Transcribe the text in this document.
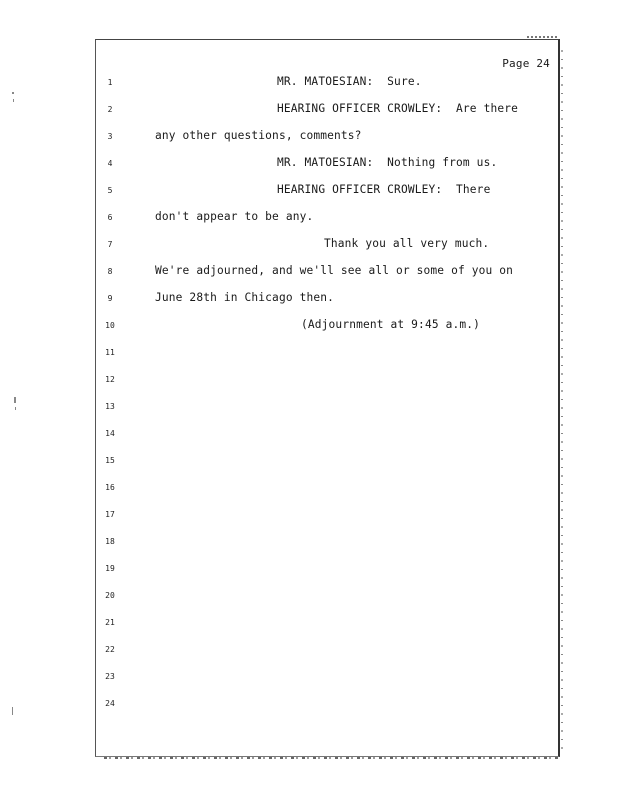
Page 24
1	MR. MATOESIAN:  Sure.
2	HEARING OFFICER CROWLEY:  Are there
3	any other questions, comments?
4	MR. MATOESIAN:  Nothing from us.
5	HEARING OFFICER CROWLEY:  There
6	don't appear to be any.
7	Thank you all very much.
8	We're adjourned, and we'll see all or some of you on
9	June 28th in Chicago then.
10	(Adjournment at 9:45 a.m.)
11
12
13
14
15
16
17
18
19
20
21
22
23
24
